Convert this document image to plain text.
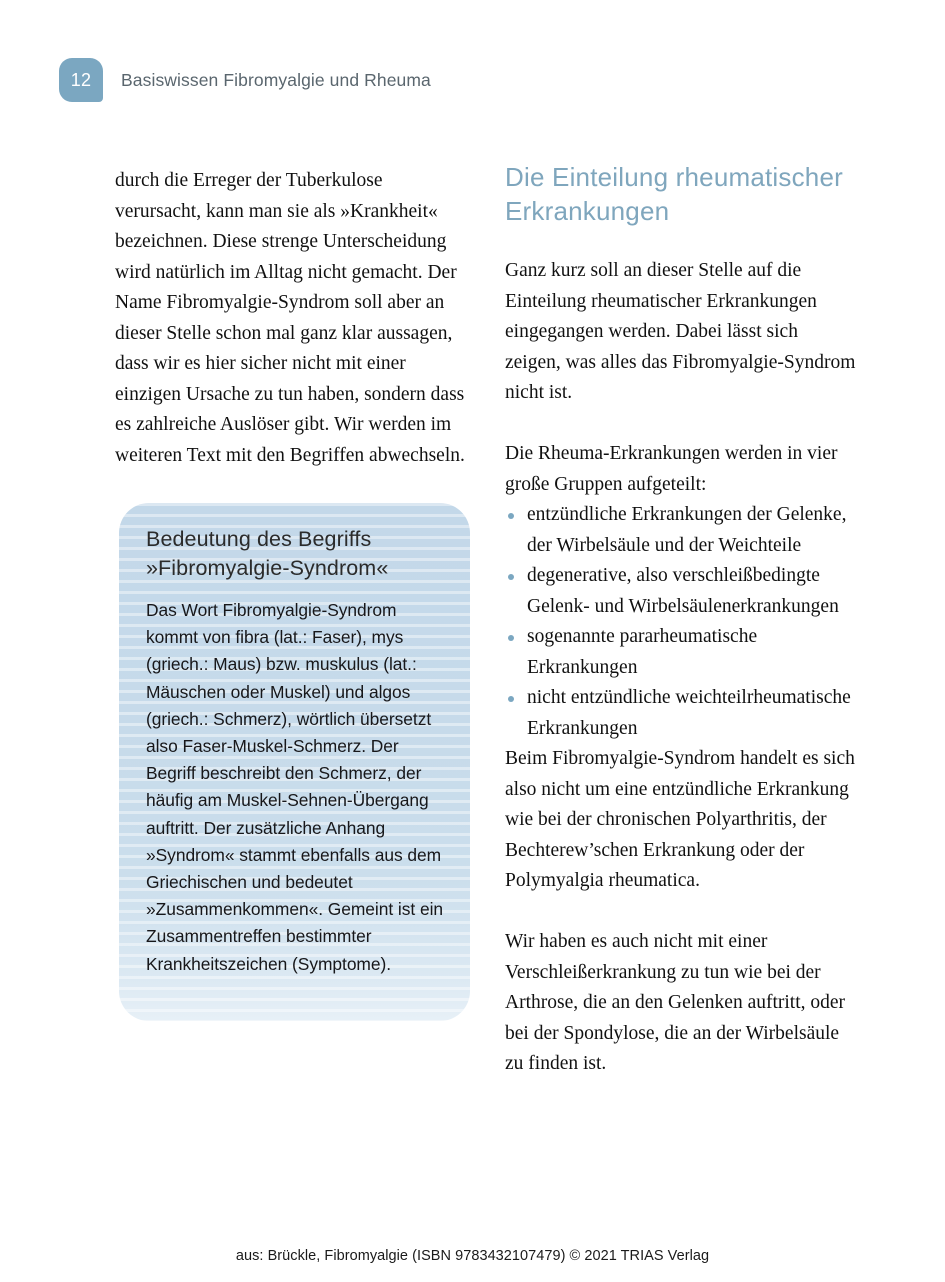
12	Basiswissen Fibromyalgie und Rheuma

durch die Erreger der Tuberkulose verursacht, kann man sie als »Krankheit« bezeichnen. Diese strenge Unterscheidung wird natürlich im Alltag nicht gemacht. Der Name Fibromyalgie-Syndrom soll aber an dieser Stelle schon mal ganz klar aussagen, dass wir es hier sicher nicht mit einer einzigen Ursache zu tun haben, sondern dass es zahlreiche Auslöser gibt. Wir werden im weiteren Text mit den Begriffen abwechseln.

Bedeutung des Begriffs »Fibromyalgie-Syndrom«

Das Wort Fibromyalgie-Syndrom kommt von fibra (lat.: Faser), mys (griech.: Maus) bzw. muskulus (lat.: Mäuschen oder Muskel) und algos (griech.: Schmerz), wörtlich übersetzt also Faser-Muskel-Schmerz. Der Begriff beschreibt den Schmerz, der häufig am Muskel-Sehnen-Übergang auftritt. Der zusätzliche Anhang »Syndrom« stammt ebenfalls aus dem Griechischen und bedeutet »Zusammenkommen«. Gemeint ist ein Zusammentreffen bestimmter Krankheitszeichen (Symptome).

Die Einteilung rheumatischer Erkrankungen

Ganz kurz soll an dieser Stelle auf die Einteilung rheumatischer Erkrankungen eingegangen werden. Dabei lässt sich zeigen, was alles das Fibromyalgie-Syndrom nicht ist.

Die Rheuma-Erkrankungen werden in vier große Gruppen aufgeteilt:

entzündliche Erkrankungen der Gelenke, der Wirbelsäule und der Weichteile
degenerative, also verschleißbedingte Gelenk- und Wirbelsäulenerkrankungen
sogenannte pararheumatische Erkrankungen
nicht entzündliche weichteilrheumatische Erkrankungen

Beim Fibromyalgie-Syndrom handelt es sich also nicht um eine entzündliche Erkrankung wie bei der chronischen Polyarthritis, der Bechterew’schen Erkrankung oder der Polymyalgia rheumatica.

Wir haben es auch nicht mit einer Verschleißerkrankung zu tun wie bei der Arthrose, die an den Gelenken auftritt, oder bei der Spondylose, die an der Wirbelsäule zu finden ist.

aus: Brückle, Fibromyalgie (ISBN 9783432107479) © 2021 TRIAS Verlag
